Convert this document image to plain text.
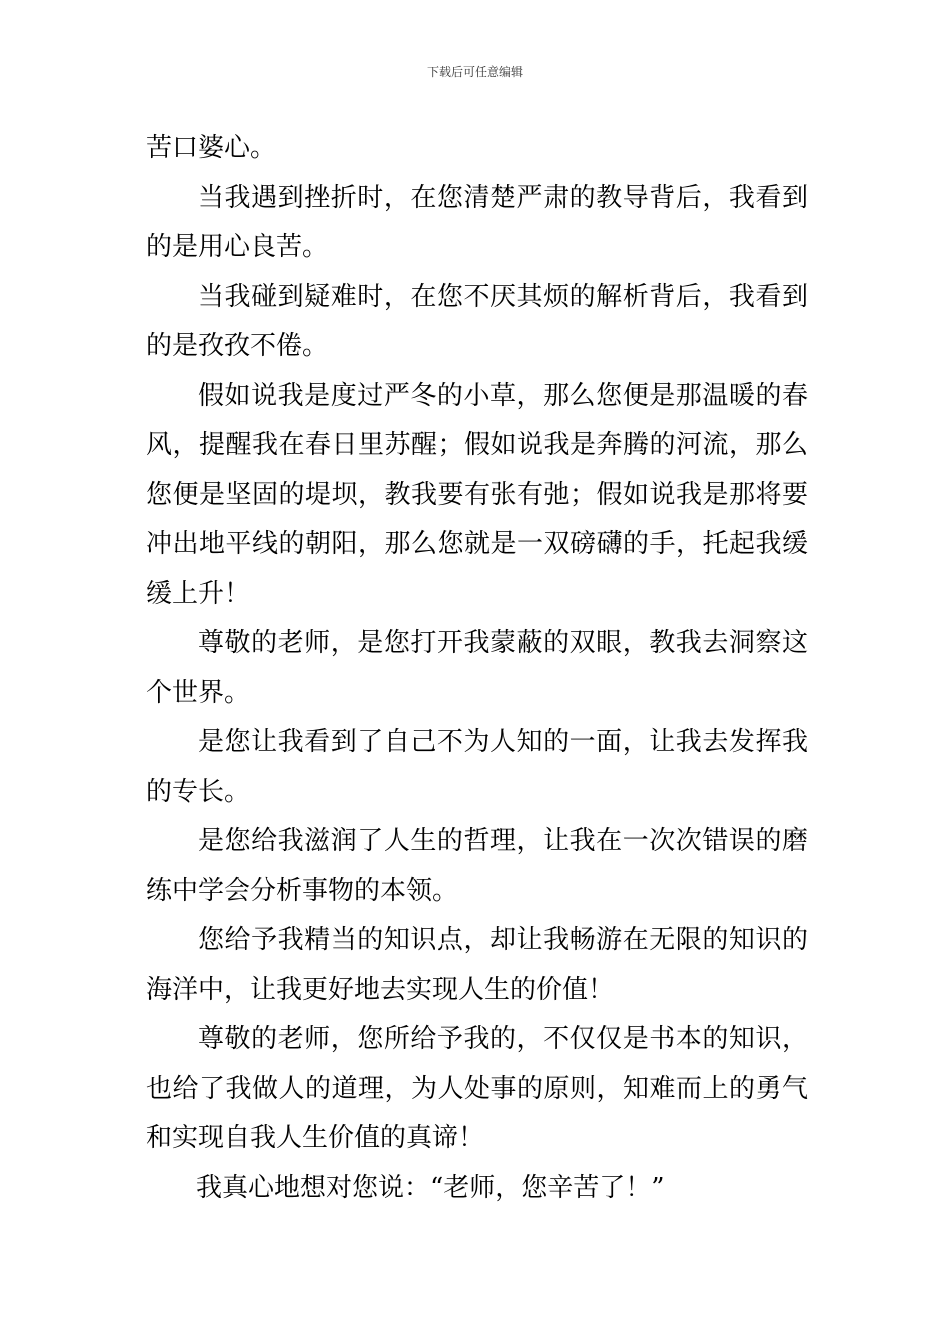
下载后可任意编辑

苦口婆心。

当我遇到挫折时，在您清楚严肃的教导背后，我看到的是用心良苦。

当我碰到疑难时，在您不厌其烦的解析背后，我看到的是孜孜不倦。

假如说我是度过严冬的小草，那么您便是那温暖的春风，提醒我在春日里苏醒；假如说我是奔腾的河流，那么您便是坚固的堤坝，教我要有张有弛；假如说我是那将要冲出地平线的朝阳，那么您就是一双磅礴的手，托起我缓缓上升！

尊敬的老师，是您打开我蒙蔽的双眼，教我去洞察这个世界。

是您让我看到了自己不为人知的一面，让我去发挥我的专长。

是您给我滋润了人生的哲理，让我在一次次错误的磨练中学会分析事物的本领。

您给予我精当的知识点，却让我畅游在无限的知识的海洋中，让我更好地去实现人生的价值！

尊敬的老师，您所给予我的，不仅仅是书本的知识，也给了我做人的道理，为人处事的原则，知难而上的勇气和实现自我人生价值的真谛！

我真心地想对您说：“老师，您辛苦了！”
